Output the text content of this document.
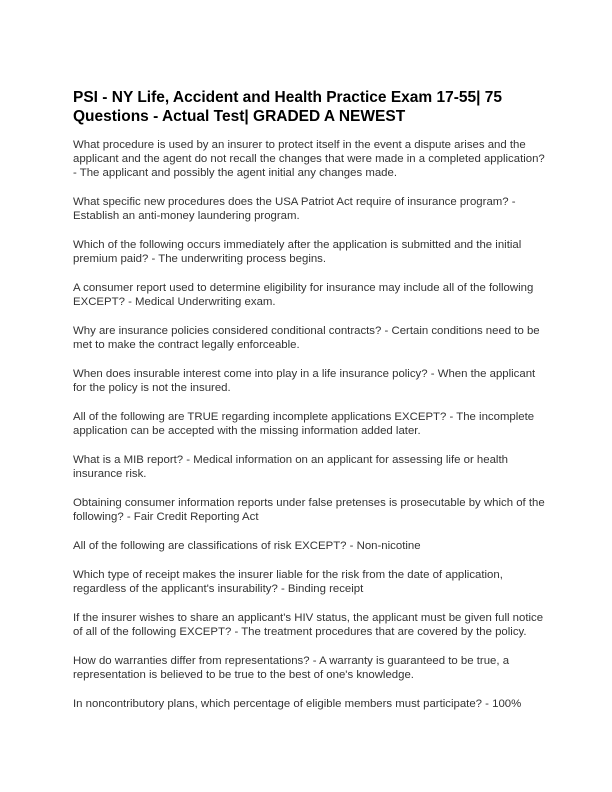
PSI - NY Life, Accident and Health Practice Exam 17-55| 75 Questions - Actual Test| GRADED A NEWEST
What procedure is used by an insurer to protect itself in the event a dispute arises and the applicant and the agent do not recall the changes that were made in a completed application? - The applicant and possibly the agent initial any changes made.
What specific new procedures does the USA Patriot Act require of insurance program? - Establish an anti-money laundering program.
Which of the following occurs immediately after the application is submitted and the initial premium paid? - The underwriting process begins.
A consumer report used to determine eligibility for insurance may include all of the following EXCEPT? - Medical Underwriting exam.
Why are insurance policies considered conditional contracts? - Certain conditions need to be met to make the contract legally enforceable.
When does insurable interest come into play in a life insurance policy? - When the applicant for the policy is not the insured.
All of the following are TRUE regarding incomplete applications EXCEPT? - The incomplete application can be accepted with the missing information added later.
What is a MIB report? - Medical information on an applicant for assessing life or health insurance risk.
Obtaining consumer information reports under false pretenses is prosecutable by which of the following? - Fair Credit Reporting Act
All of the following are classifications of risk EXCEPT? - Non-nicotine
Which type of receipt makes the insurer liable for the risk from the date of application, regardless of the applicant's insurability? - Binding receipt
If the insurer wishes to share an applicant's HIV status, the applicant must be given full notice of all of the following EXCEPT? - The treatment procedures that are covered by the policy.
How do warranties differ from representations? - A warranty is guaranteed to be true, a representation is believed to be true to the best of one's knowledge.
In noncontributory plans, which percentage of eligible members must participate? - 100%
